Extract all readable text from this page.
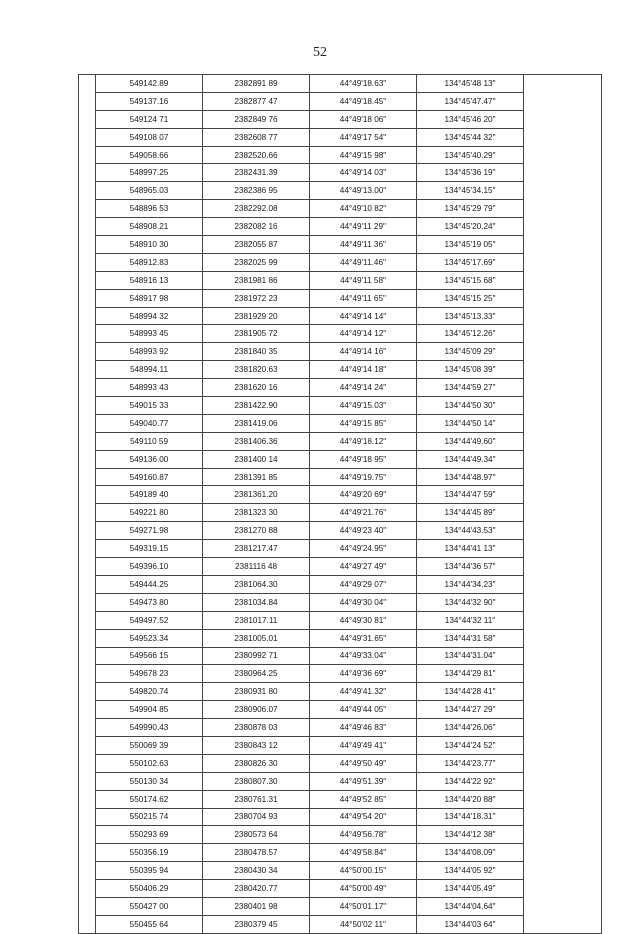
52
	549142.89	2382891 89	44°49'18.63"	134°45'48 13"	
	549137.16	2382877 47	44°49'18.45"	134°45'47.47"	
	549124 71	2382849 76	44°49'18 06"	134°45'46 20"	
	549108 07	2382608 77	44°49'17 54"	134°45'44 32"	
	549058.66	2382520.66	44°49'15 98"	134°45'40.29"	
	548997.25	2382431.39	44°49'14 03"	134°45'36 19"	
	548965.03	2382386 95	44°49'13.00"	134°45'34.15"	
	548896 53	2382292.08	44°49'10 82"	134°45'29 79"	
	548908.21	2382082 16	44°49'11 29"	134°45'20.24"	
	548910 30	2382055 87	44°49'11 36"	134°45'19 05"	
	548912.83	2382025 99	44°49'11.46"	134°45'17.69"	
	548916 13	2381981 86	44°49'11 58"	134°45'15 68"	
	548917 98	2381972 23	44°49'11 65"	134°45'15 25"	
	548994 32	2381929 20	44°49'14 14"	134°45'13.33"	
	548993 45	2381905 72	44°49'14 12"	134°45'12.26"	
	548993 92	2381840 35	44°49'14 16"	134°45'09 29"	
	548994.11	2381820.63	44°49'14 18"	134°45'08 39"	
	548993 43	2381620 16	44°49'14 24"	134°44'59 27"	
	549015 33	2381422.90	44°49'15.03"	134°44'50 30"	
	549040.77	2381419.06	44°49'15 85"	134°44'50 14"	
	549110 59	2381406.36	44°49'18.12"	134°44'49.60"	
	549136.00	2381400 14	44°49'18 95"	134°44'49.34"	
	549160.87	2381391 85	44°49'19.75"	134°44'48.97"	
	549189 40	2381361.20	44°49'20 69"	134°44'47 59"	
	549221 80	2381323 30	44°49'21.76"	134°44'45 89"	
	549271.98	2381270 88	44°49'23 40"	134°44'43.53"	
	549319.15	2381217.47	44°49'24.95"	134°44'41 13"	
	549396.10	2381116 48	44°49'27 49"	134°44'36 57"	
	549444.25	2381064.30	44°49'29 07"	134°44'34.23"	
	549473 80	2381034.84	44°49'30 04"	134°44'32 90"	
	549497.52	2381017.11	44°49'30 81"	134°44'32 11"	
	549523.34	2381005.01	44°49'31.65"	134°44'31 58"	
	549566 15	2380992 71	44°49'33.04"	134°44'31.04"	
	549678 23	2380964.25	44°49'36 69"	134°44'29 81"	
	549820.74	2380931 80	44°49'41.32"	134°44'28 41"	
	549904 85	2380906.07	44°49'44 05"	134°44'27 29"	
	549990.43	2380878 03	44°49'46 83"	134°44'26.06"	
	550069 39	2380843 12	44°49'49 41"	134°44'24 52"	
	550102.63	2380826 30	44°49'50 49"	134°44'23.77"	
	550130 34	2380807.30	44°49'51.39"	134°44'22 92"	
	550174.62	2380761.31	44°49'52 85"	134°44'20 88"	
	550215 74	2380704 93	44°49'54 20"	134°44'18.31"	
	550293 69	2380573 64	44°49'56.78"	134°44'12 38"	
	550356.19	2380478.57	44°49'58.84"	134°44'08.09"	
	550395 94	2380430 34	44°50'00.15"	134°44'05 92"	
	550406.29	2380420.77	44°50'00 49"	134°44'05.49"	
	550427 00	2380401 98	44°50'01.17"	134°44'04.64"	
	550455 64	2380379 45	44°50'02 11"	134°44'03 64"	
